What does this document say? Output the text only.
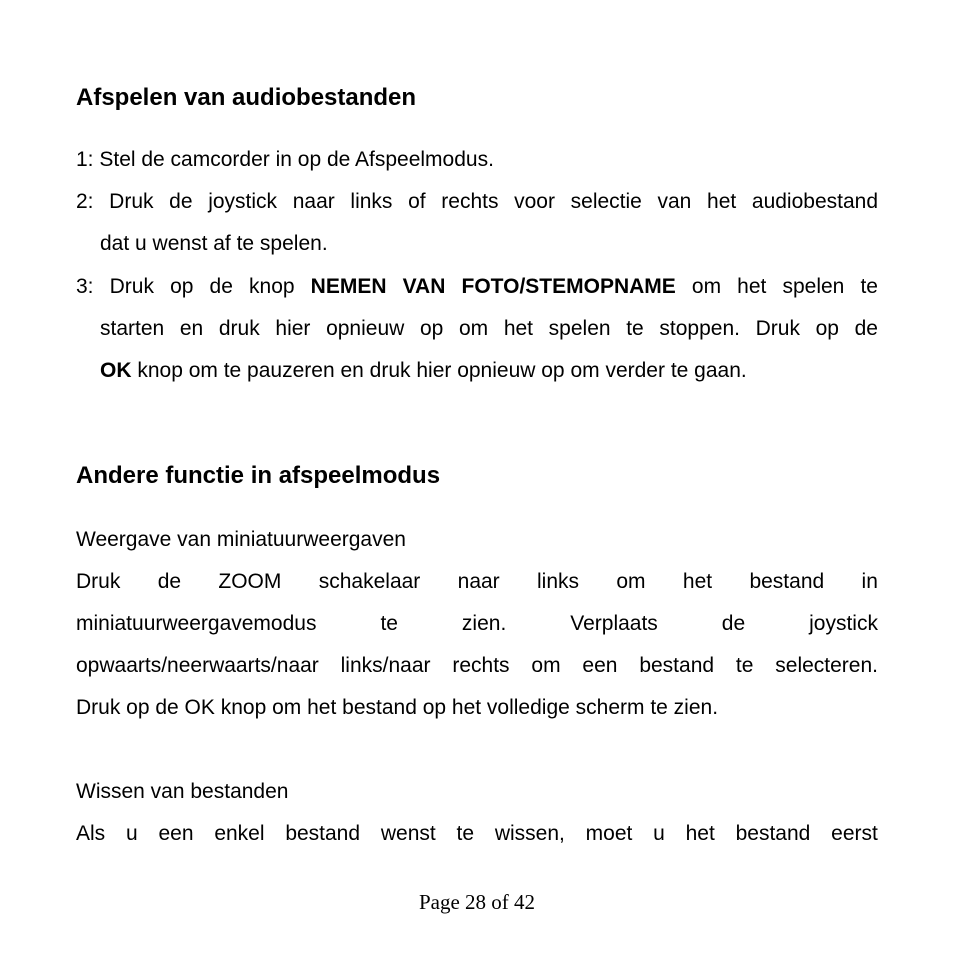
Afspelen van audiobestanden
1: Stel de camcorder in op de Afspeelmodus.
2: Druk de joystick naar links of rechts voor selectie van het audiobestand
dat u wenst af te spelen.
3: Druk op de knop NEMEN VAN FOTO/STEMOPNAME om het spelen te
starten en druk hier opnieuw op om het spelen te stoppen. Druk op de
OK knop om te pauzeren en druk hier opnieuw op om verder te gaan.
Andere functie in afspeelmodus
Weergave van miniatuurweergaven
Druk de ZOOM schakelaar naar links om het bestand in
miniatuurweergavemodus	te	zien.	Verplaats	de	joystick
opwaarts/neerwaarts/naar links/naar rechts om een bestand te selecteren.
Druk op de OK knop om het bestand op het volledige scherm te zien.
Wissen van bestanden
Als u een enkel bestand wenst te wissen, moet u het bestand eerst
Page 28 of 42
